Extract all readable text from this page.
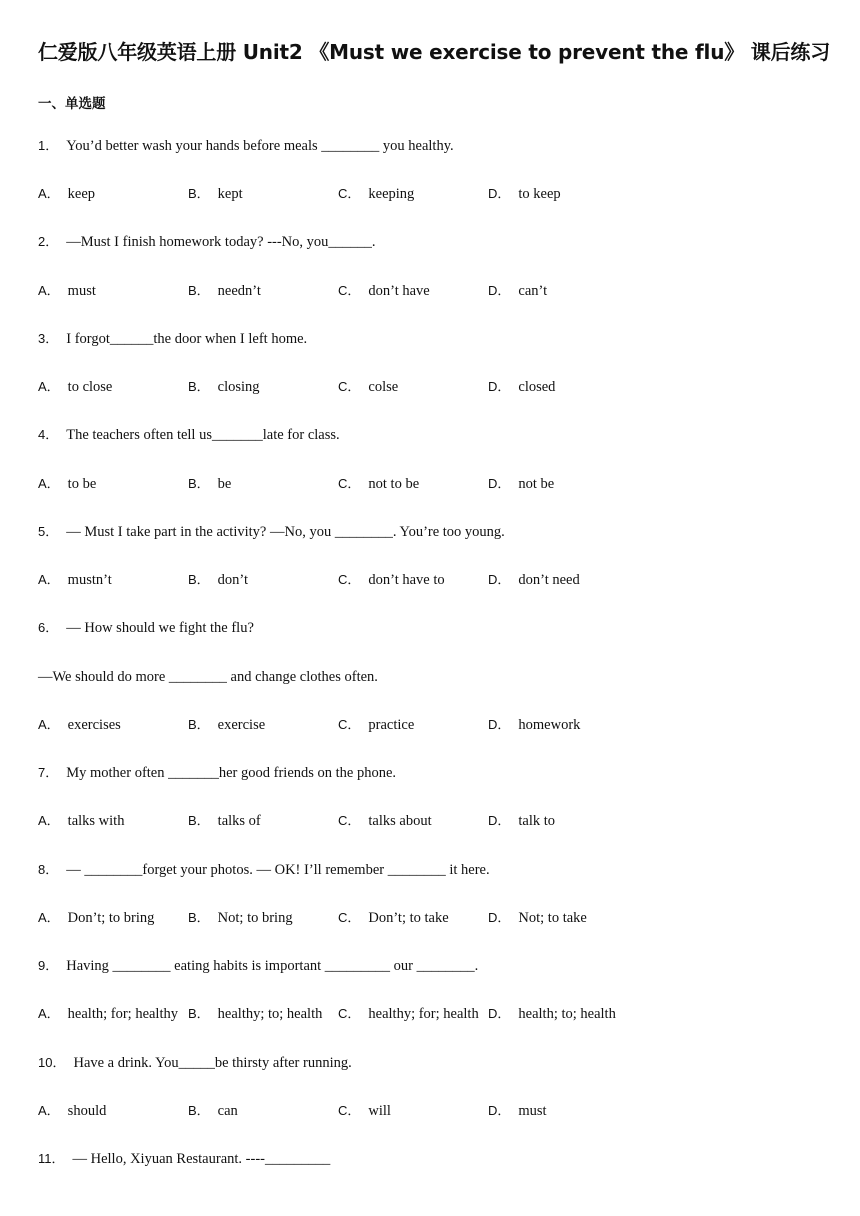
仁爱版八年级英语上册 Unit2 《Must we exercise to prevent the flu》 课后练习
一、单选题
1． You’d better wash your hands before meals ________ you healthy.
A． keep	B． kept	C． keeping	D． to keep
2． —Must I finish homework today? ---No, you______.
A． must	B． needn’t	C． don’t have	D． can’t
3． I forgot______the door when I left home.
A． to close	B． closing	C． colse	D． closed
4． The teachers often tell us_______late for class.
A． to be	B． be	C． not to be	D． not be
5． — Must I take part in the activity? —No, you ________. You’re too young.
A． mustn’t	B． don’t	C． don’t have to	D． don’t need
6． — How should we fight the flu?
—We should do more ________ and change clothes often.
A． exercises	B． exercise	C． practice	D． homework
7． My mother often _______her good friends on the phone.
A． talks with	B． talks of	C． talks about	D． talk to
8． — ________forget your photos. — OK! I’ll remember ________ it here.
A． Don’t; to bring	B． Not; to bring	C． Don’t; to take	D． Not; to take
9． Having ________ eating habits is important _________ our ________.
A． health; for; healthy B． healthy; to; health C． healthy; for; health D． health; to; health
10． Have a drink. You_____be thirsty after running.
A． should	B． can	C． will	D． must
11． — Hello, Xiyuan Restaurant. ----_________
